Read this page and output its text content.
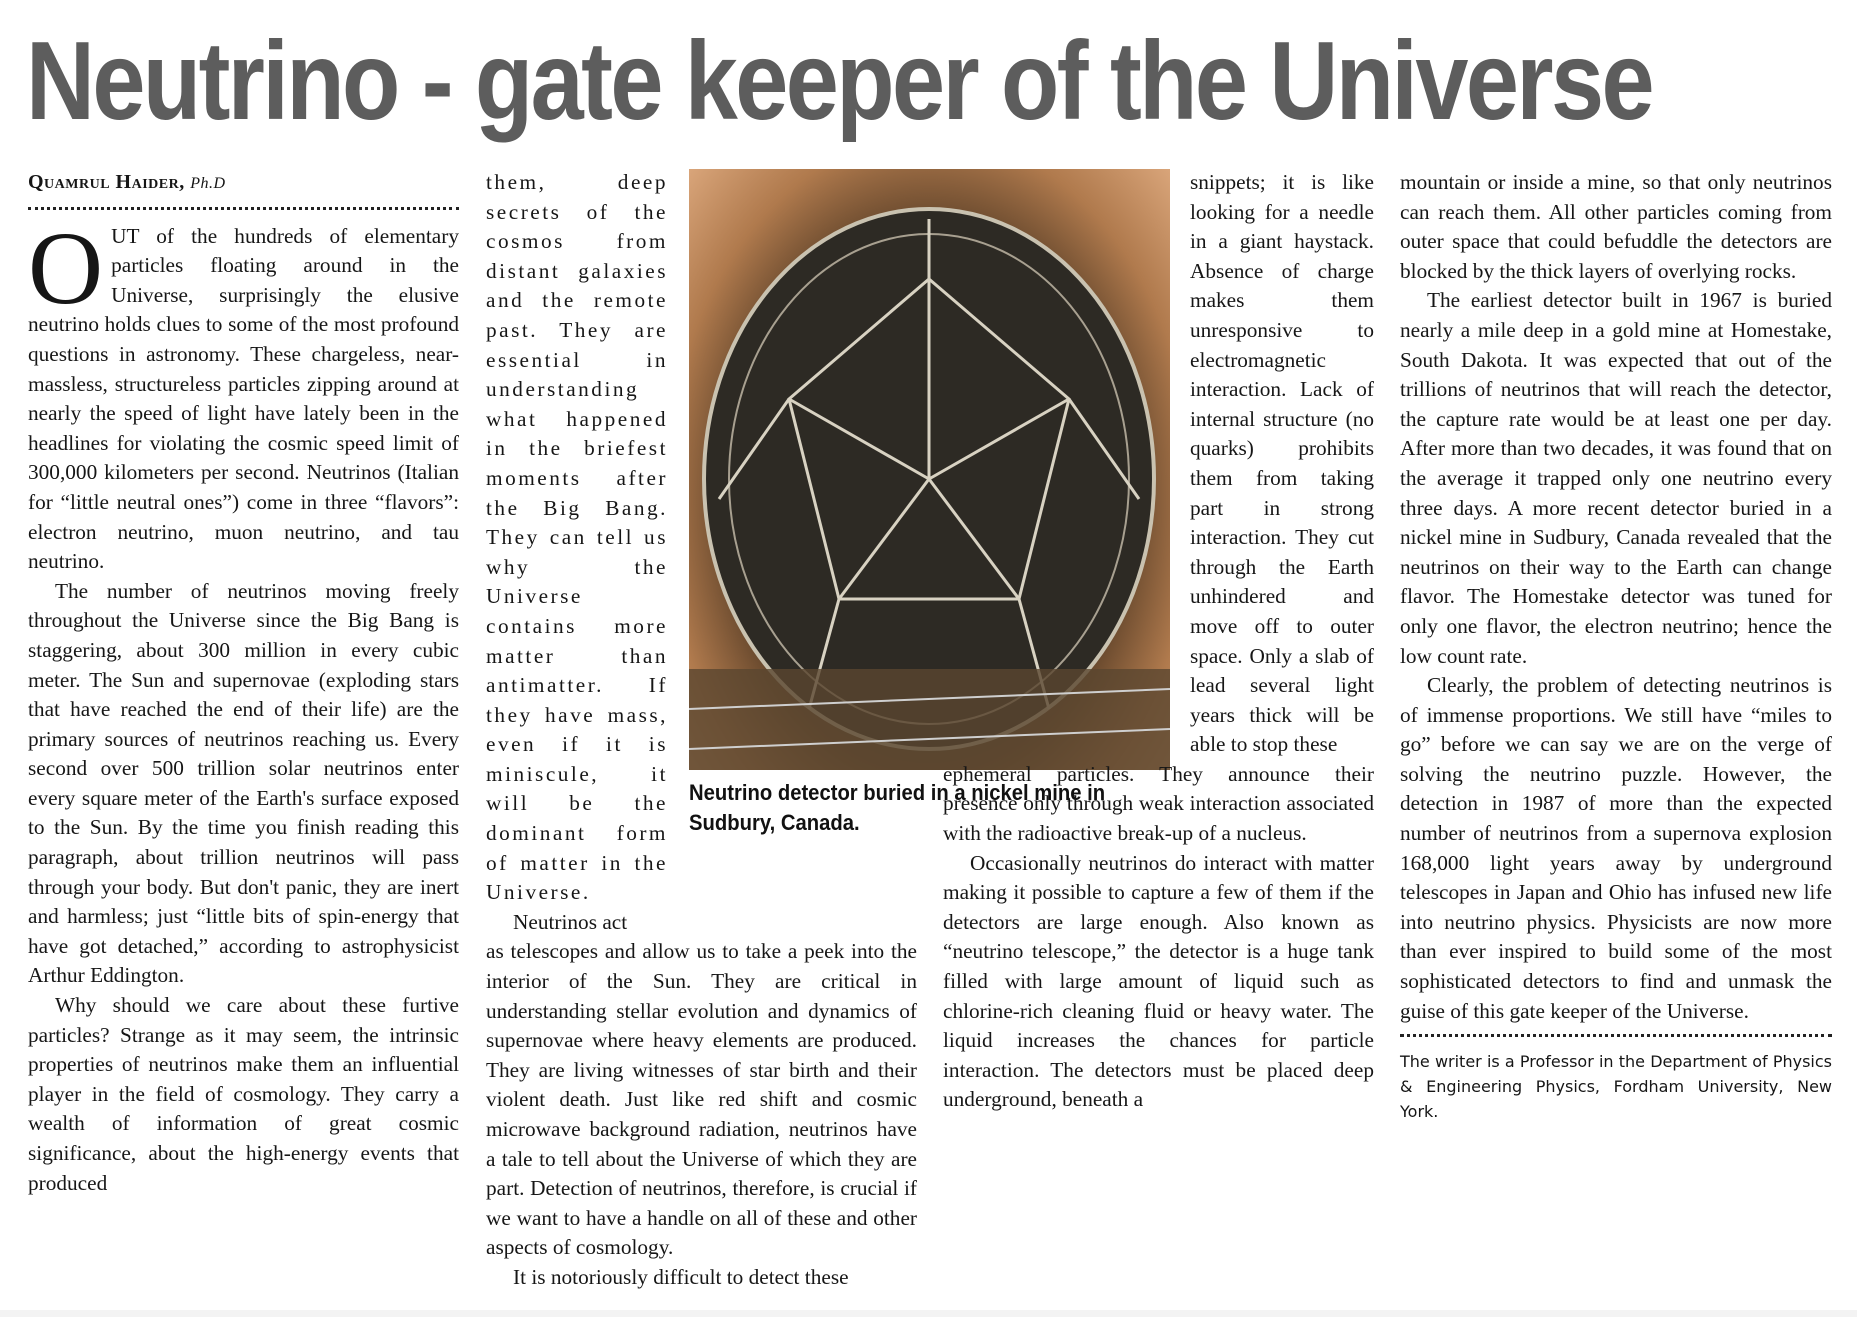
Neutrino - gate keeper of the Universe
Quamrul Haider, Ph.D

O UT of the hundreds of elementary particles floating around in the Universe, surprisingly the elusive neutrino holds clues to some of the most profound questions in astronomy. These chargeless, near-massless, structureless particles zipping around at nearly the speed of light have lately been in the headlines for violating the cosmic speed limit of 300,000 kilometers per second. Neutrinos (Italian for “little neutral ones”) come in three “flavors”: electron neutrino, muon neutrino, and tau neutrino.

The number of neutrinos moving freely throughout the Universe since the Big Bang is staggering, about 300 million in every cubic meter. The Sun and supernovae (exploding stars that have reached the end of their life) are the primary sources of neutrinos reaching us. Every second over 500 trillion solar neutrinos enter every square meter of the Earth's surface exposed to the Sun. By the time you finish reading this paragraph, about trillion neutrinos will pass through your body. But don't panic, they are inert and harmless; just “little bits of spin-energy that have got detached,” according to astrophysicist Arthur Eddington.

Why should we care about these furtive particles? Strange as it may seem, the intrinsic properties of neutrinos make them an influential player in the field of cosmology. They carry a wealth of information of great cosmic significance, about the high-energy events that produced

them, deep secrets of the cosmos from distant galaxies and the remote past. They are essential in understanding what happened in the briefest moments after the Big Bang. They can tell us why the Universe contains more matter than antimatter. If they have mass, even if it is miniscule, it will be the dominant form of matter in the Universe.

Neutrinos act

as telescopes and allow us to take a peek into the interior of the Sun. They are critical in understanding stellar evolution and dynamics of supernovae where heavy elements are produced. They are living witnesses of star birth and their violent death. Just like red shift and cosmic microwave background radiation, neutrinos have a tale to tell about the Universe of which they are part. Detection of neutrinos, therefore, is crucial if we want to have a handle on all of these and other aspects of cosmology.

It is notoriously difficult to detect these

Neutrino detector buried in a nickel mine in Sudbury, Canada.

snippets; it is like looking for a needle in a giant haystack. Absence of charge makes them unresponsive to electromagnetic interaction. Lack of internal structure (no quarks) prohibits them from taking part in strong interaction. They cut through the Earth unhindered and move off to outer space. Only a slab of lead several light years thick will be able to stop these

ephemeral particles. They announce their presence only through weak interaction associated with the radioactive break-up of a nucleus.

Occasionally neutrinos do interact with matter making it possible to capture a few of them if the detectors are large enough. Also known as “neutrino telescope,” the detector is a huge tank filled with large amount of liquid such as chlorine-rich cleaning fluid or heavy water. The liquid increases the chances for particle interaction. The detectors must be placed deep underground, beneath a

mountain or inside a mine, so that only neutrinos can reach them. All other particles coming from outer space that could befuddle the detectors are blocked by the thick layers of overlying rocks.

The earliest detector built in 1967 is buried nearly a mile deep in a gold mine at Homestake, South Dakota. It was expected that out of the trillions of neutrinos that will reach the detector, the capture rate would be at least one per day. After more than two decades, it was found that on the average it trapped only one neutrino every three days. A more recent detector buried in a nickel mine in Sudbury, Canada revealed that the neutrinos on their way to the Earth can change flavor. The Homestake detector was tuned for only one flavor, the electron neutrino; hence the low count rate.

Clearly, the problem of detecting neutrinos is of immense proportions. We still have “miles to go” before we can say we are on the verge of solving the neutrino puzzle. However, the detection in 1987 of more than the expected number of neutrinos from a supernova explosion 168,000 light years away by underground telescopes in Japan and Ohio has infused new life into neutrino physics. Physicists are now more than ever inspired to build some of the most sophisticated detectors to find and unmask the guise of this gate keeper of the Universe.

The writer is a Professor in the Department of Physics & Engineering Physics, Fordham University, New York.
